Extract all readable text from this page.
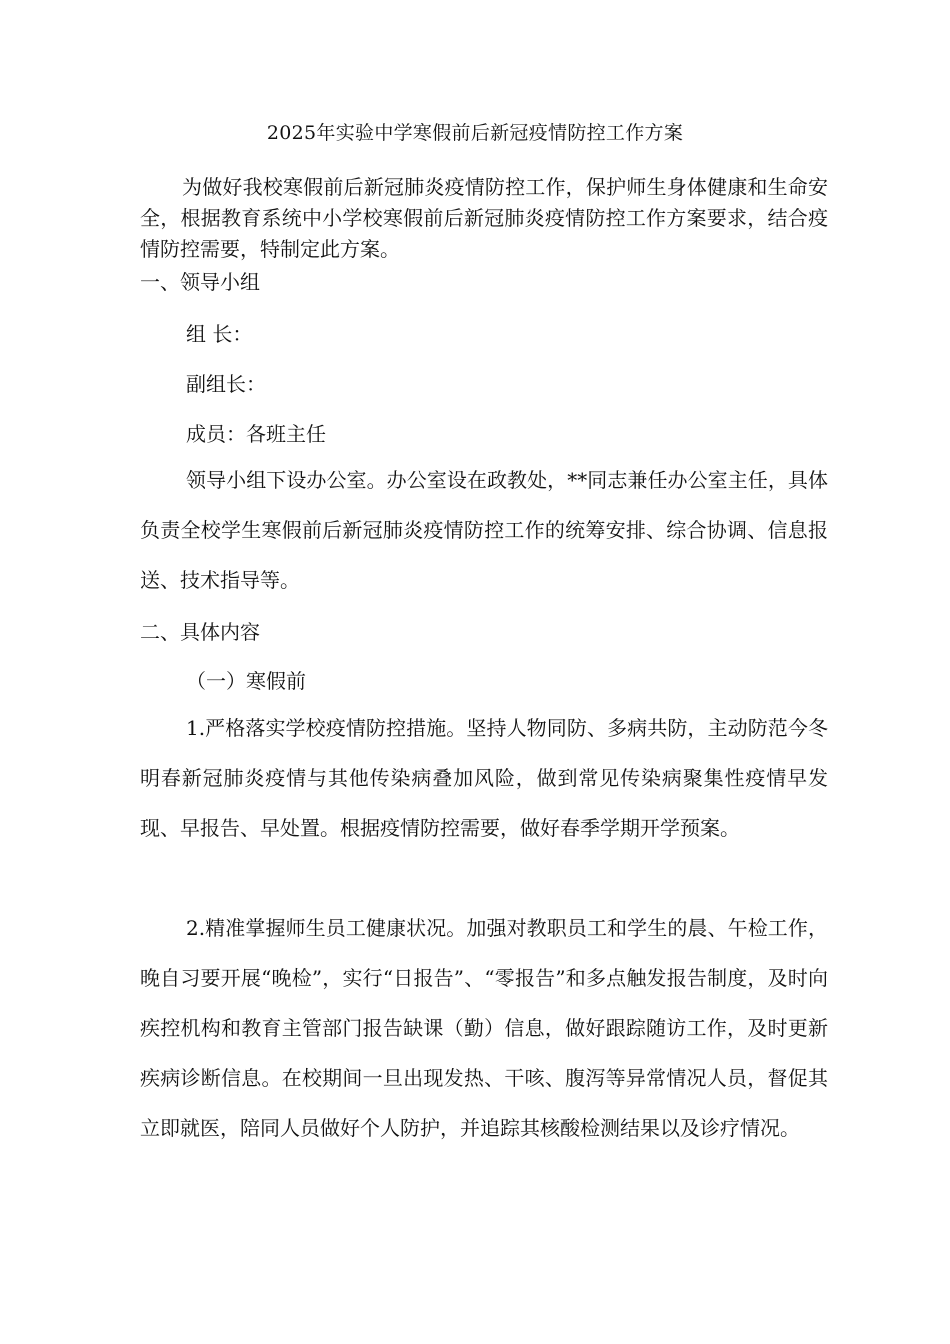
2025年实验中学寒假前后新冠疫情防控工作方案
为做好我校寒假前后新冠肺炎疫情防控工作，保护师生身体健康和生命安全，根据教育系统中小学校寒假前后新冠肺炎疫情防控工作方案要求，结合疫情防控需要，特制定此方案。
一、领导小组
组 长：
副组长：
成员：各班主任
领导小组下设办公室。办公室设在政教处，**同志兼任办公室主任，具体负责全校学生寒假前后新冠肺炎疫情防控工作的统筹安排、综合协调、信息报送、技术指导等。
二、具体内容
（一）寒假前
1.严格落实学校疫情防控措施。坚持人物同防、多病共防，主动防范今冬明春新冠肺炎疫情与其他传染病叠加风险，做到常见传染病聚集性疫情早发现、早报告、早处置。根据疫情防控需要，做好春季学期开学预案。
2.精准掌握师生员工健康状况。加强对教职员工和学生的晨、午检工作，晚自习要开展“晚检”，实行“日报告”、“零报告”和多点触发报告制度，及时向疾控机构和教育主管部门报告缺课（勤）信息，做好跟踪随访工作，及时更新疾病诊断信息。在校期间一旦出现发热、干咳、腹泻等异常情况人员，督促其立即就医，陪同人员做好个人防护，并追踪其核酸检测结果以及诊疗情况。
